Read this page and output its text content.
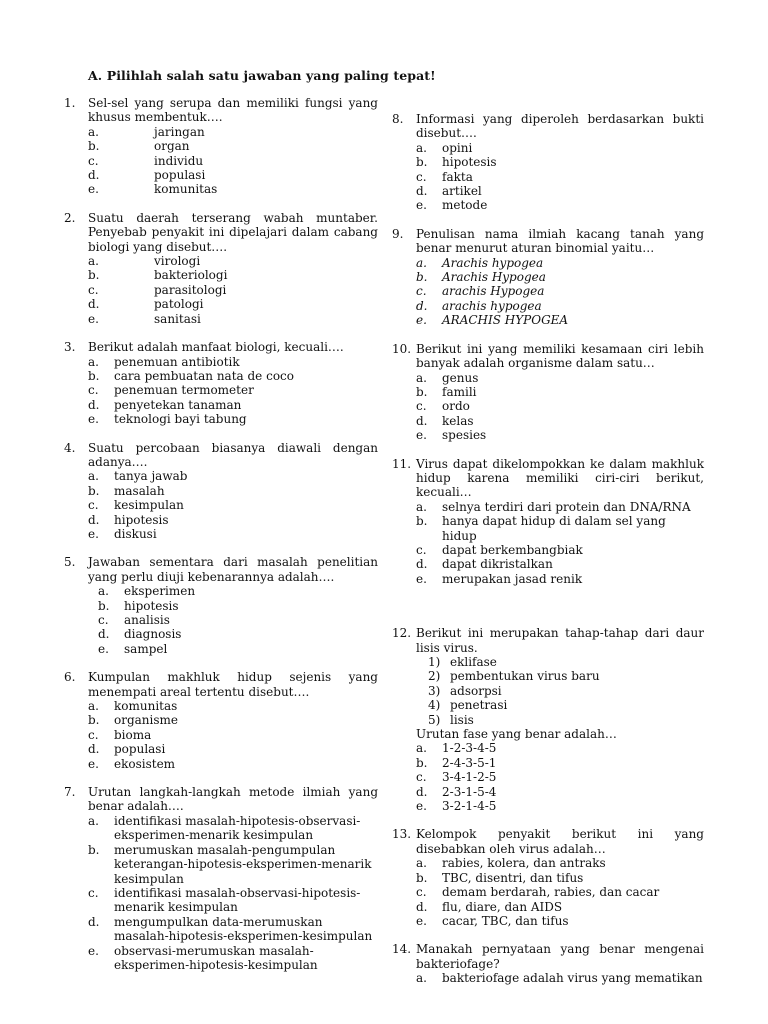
A. Pilihlah salah satu jawaban yang paling tepat!
1.	Sel-sel yang serupa dan memiliki fungsi yang khusus membentuk….
a.	jaringan
b.	organ
c.	individu
d.	populasi
e.	komunitas
2.	Suatu daerah terserang wabah muntaber. Penyebab penyakit ini dipelajari dalam cabang biologi yang disebut….
a.	virologi
b.	bakteriologi
c.	parasitologi
d.	patologi
e.	sanitasi
3.	Berikut adalah manfaat biologi, kecuali….
a. penemuan antibiotik
b. cara pembuatan nata de coco
c. penemuan termometer
d. penyetekan tanaman
e. teknologi bayi tabung
4.	Suatu percobaan biasanya diawali dengan adanya….
a. tanya jawab
b. masalah
c. kesimpulan
d. hipotesis
e. diskusi
5.	Jawaban sementara dari masalah penelitian yang perlu diuji kebenarannya adalah….
a. eksperimen
b. hipotesis
c. analisis
d. diagnosis
e. sampel
6.	Kumpulan makhluk hidup sejenis yang menempati areal tertentu disebut….
a. komunitas
b. organisme
c. bioma
d. populasi
e. ekosistem
7.	Urutan langkah-langkah metode ilmiah yang benar adalah….
a. identifikasi masalah-hipotesis-observasi-eksperimen-menarik kesimpulan
b. merumuskan masalah-pengumpulan keterangan-hipotesis-eksperimen-menarik kesimpulan
c. identifikasi masalah-observasi-hipotesis-menarik kesimpulan
d. mengumpulkan data-merumuskan masalah-hipotesis-eksperimen-kesimpulan
e. observasi-merumuskan masalah-eksperimen-hipotesis-kesimpulan
8.	Informasi yang diperoleh berdasarkan bukti disebut….
a. opini
b. hipotesis
c. fakta
d. artikel
e. metode
9.	Penulisan nama ilmiah kacang tanah yang benar menurut aturan binomial yaitu…
a. Arachis hypogea
b. Arachis Hypogea
c. arachis Hypogea
d. arachis hypogea
e. ARACHIS HYPOGEA
10. Berikut ini yang memiliki kesamaan ciri lebih banyak adalah organisme dalam satu…
a. genus
b. famili
c. ordo
d. kelas
e. spesies
11. Virus dapat dikelompokkan ke dalam makhluk hidup karena memiliki ciri-ciri berikut, kecuali…
a. selnya terdiri dari protein dan DNA/RNA
b. hanya dapat hidup di dalam sel yang hidup
c. dapat berkembangbiak
d. dapat dikristalkan
e. merupakan jasad renik
12. Berikut ini merupakan tahap-tahap dari daur lisis virus.
1) eklifase
2) pembentukan virus baru
3) adsorpsi
4) penetrasi
5) lisis
Urutan fase yang benar adalah…
a. 1-2-3-4-5
b. 2-4-3-5-1
c. 3-4-1-2-5
d. 2-3-1-5-4
e. 3-2-1-4-5
13. Kelompok penyakit berikut ini yang disebabkan oleh virus adalah…
a. rabies, kolera, dan antraks
b. TBC, disentri, dan tifus
c. demam berdarah, rabies, dan cacar
d. flu, diare, dan AIDS
e. cacar, TBC, dan tifus
14. Manakah pernyataan yang benar mengenai bakteriofage?
a. bakteriofage adalah virus yang mematikan
